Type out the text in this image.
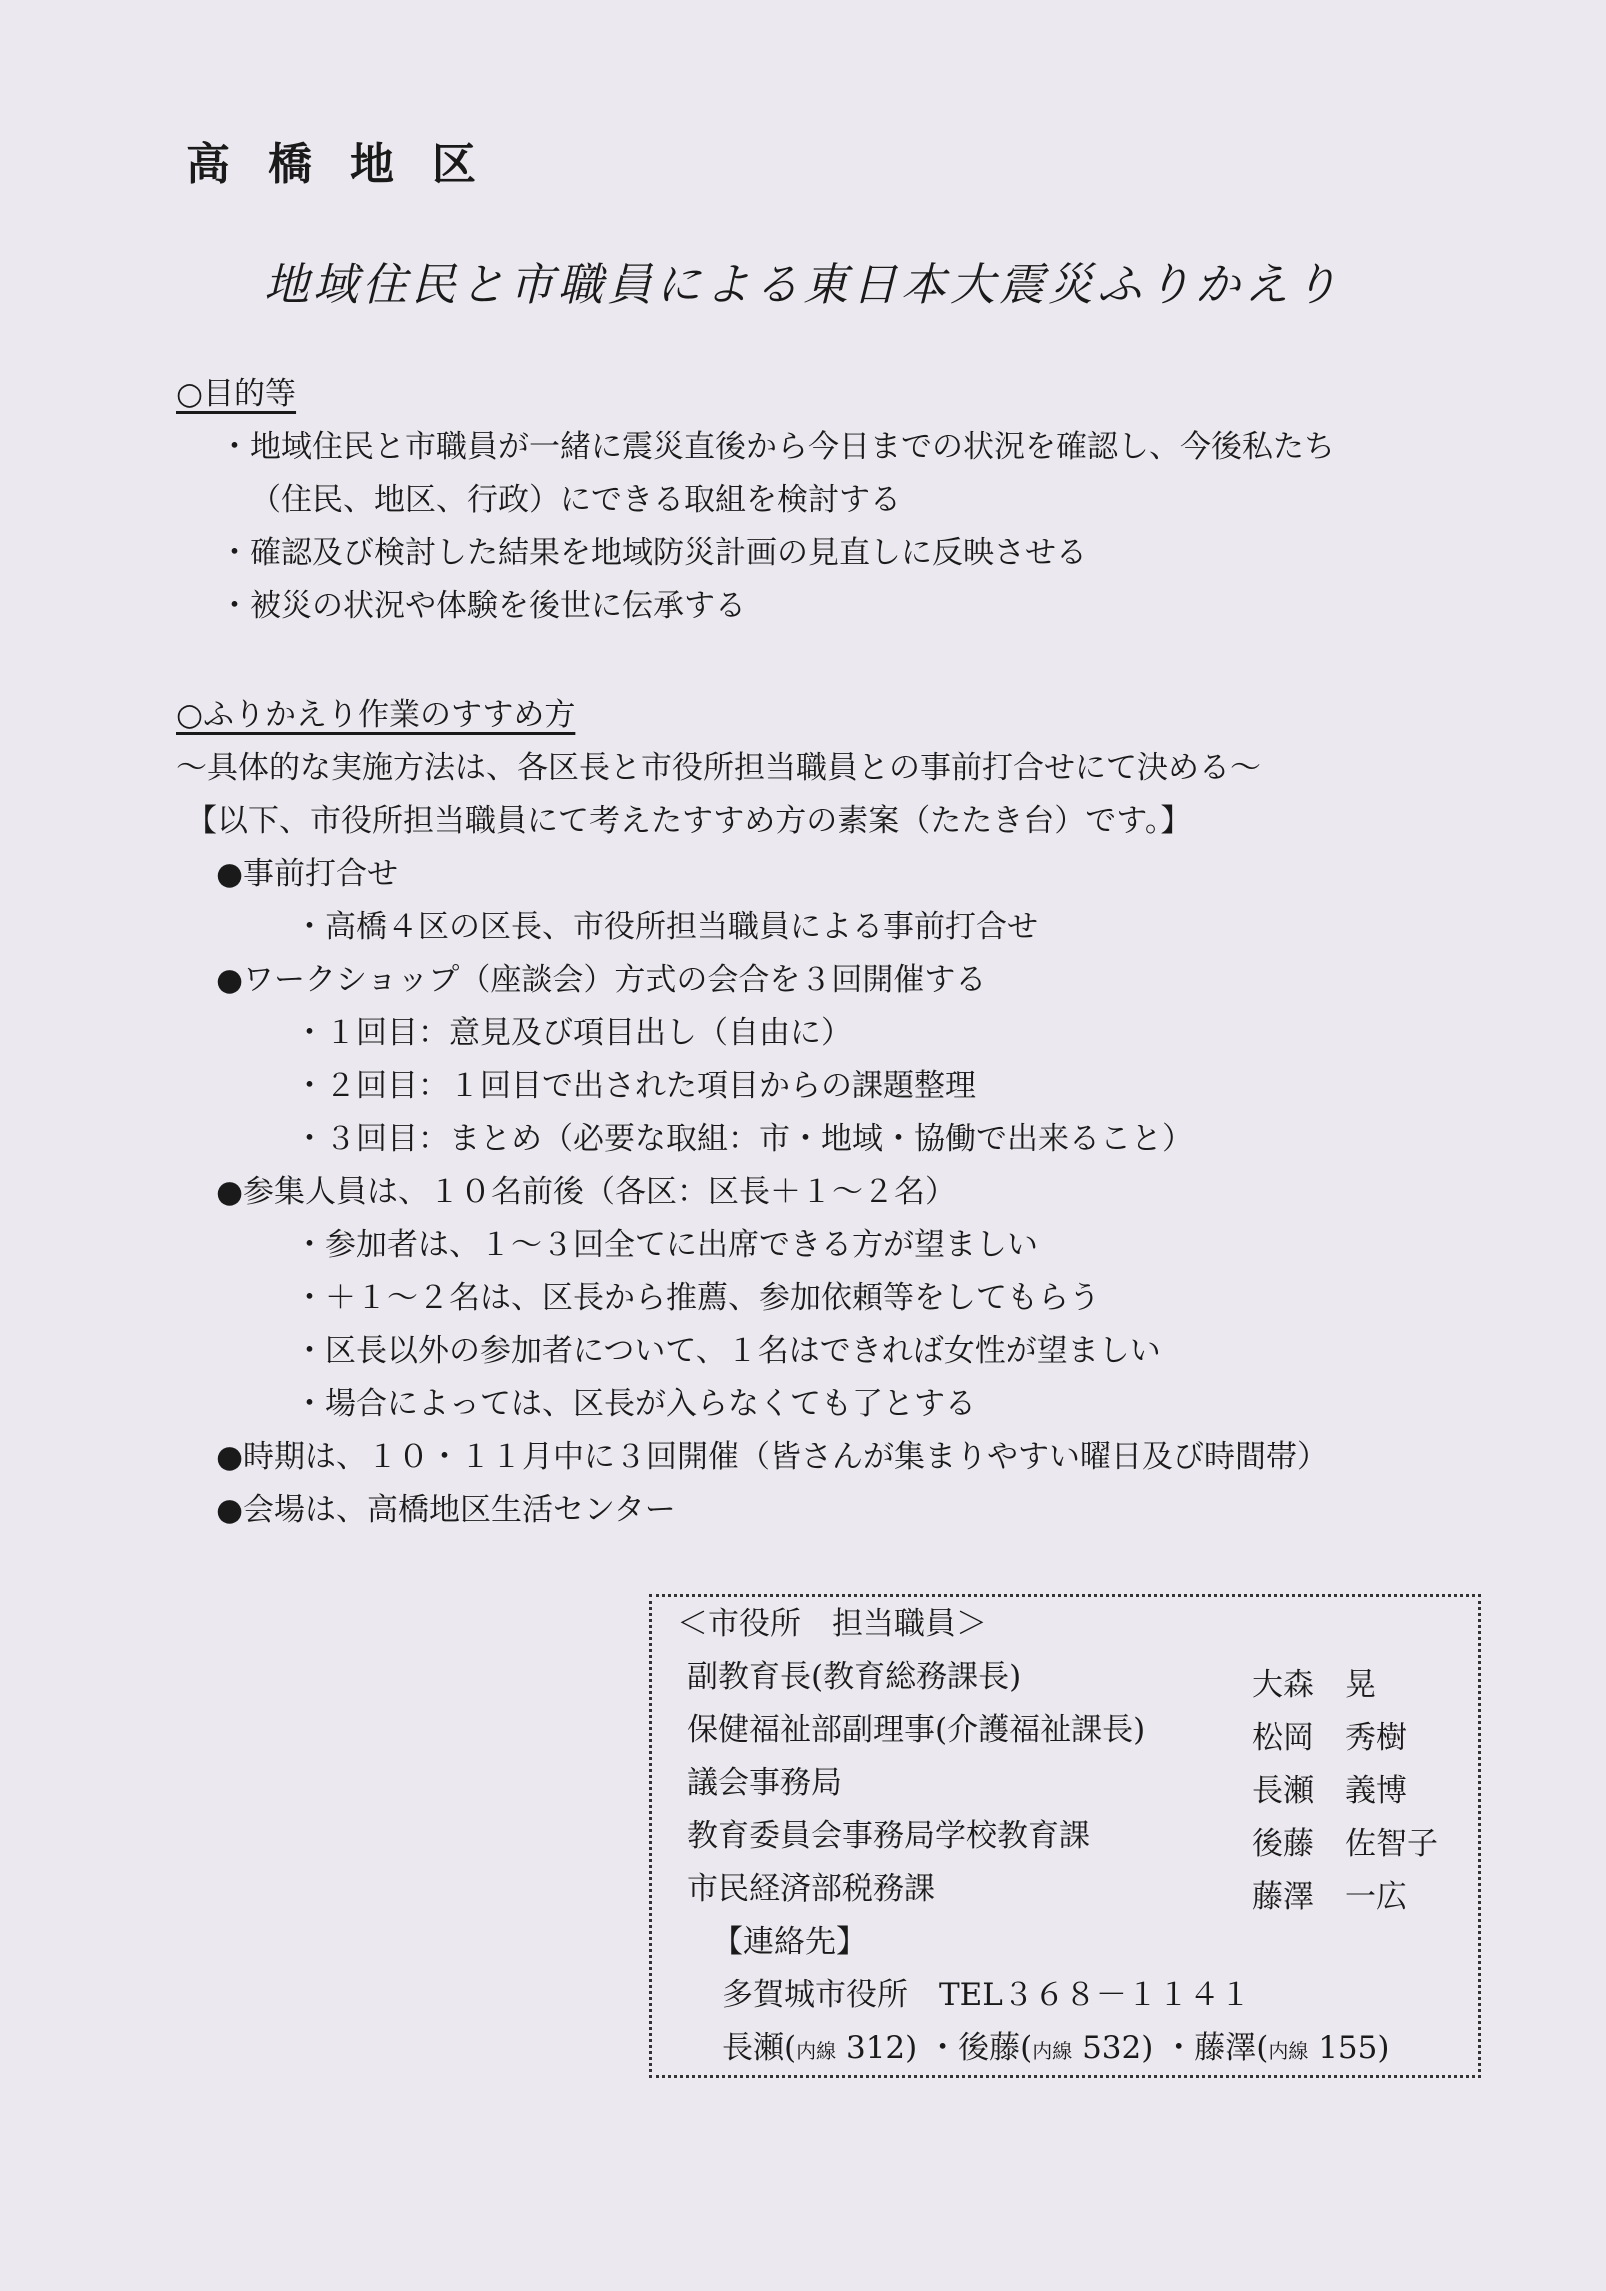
高橋地区
地域住民と市職員による東日本大震災ふりかえり
○目的等
・地域住民と市職員が一緒に震災直後から今日までの状況を確認し、今後私たち
（住民、地区、行政）にできる取組を検討する
・確認及び検討した結果を地域防災計画の見直しに反映させる
・被災の状況や体験を後世に伝承する
○ふりかえり作業のすすめ方
～具体的な実施方法は、各区長と市役所担当職員との事前打合せにて決める～
【以下、市役所担当職員にて考えたすすめ方の素案（たたき台）です。】
●事前打合せ
・高橋４区の区長、市役所担当職員による事前打合せ
●ワークショップ（座談会）方式の会合を３回開催する
・１回目：意見及び項目出し（自由に）
・２回目：１回目で出された項目からの課題整理
・３回目：まとめ（必要な取組：市・地域・協働で出来ること）
●参集人員は、１０名前後（各区：区長＋１～２名）
・参加者は、１～３回全てに出席できる方が望ましい
・＋１～２名は、区長から推薦、参加依頼等をしてもらう
・区長以外の参加者について、１名はできれば女性が望ましい
・場合によっては、区長が入らなくても了とする
●時期は、１０・１１月中に３回開催（皆さんが集まりやすい曜日及び時間帯）
●会場は、高橋地区生活センター
＜市役所　担当職員＞
副教育長(教育総務課長)	大森　晃
保健福祉部副理事(介護福祉課長)	松岡　秀樹
議会事務局	長瀬　義博
教育委員会事務局学校教育課	後藤　佐智子
市民経済部税務課	藤澤　一広
【連絡先】
多賀城市役所　TEL３６８－１１４１
長瀬(内線 312) ・後藤(内線 532) ・藤澤(内線 155)
